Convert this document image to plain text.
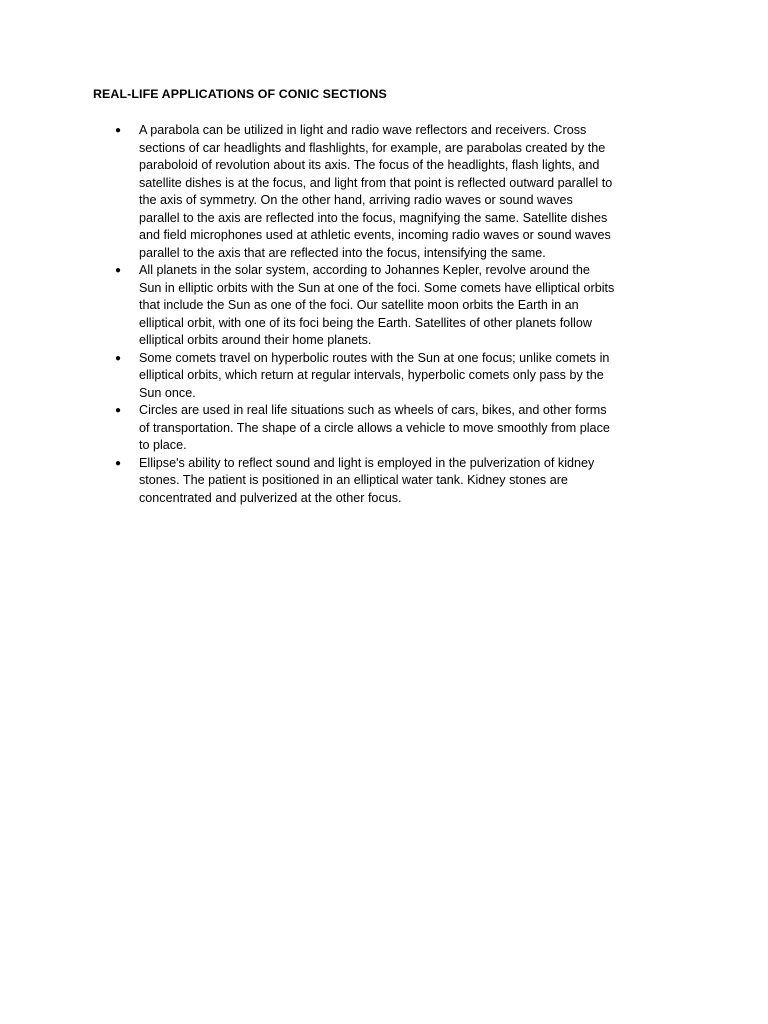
REAL-LIFE APPLICATIONS OF CONIC SECTIONS
● A parabola can be utilized in light and radio wave reflectors and receivers. Cross
sections of car headlights and flashlights, for example, are parabolas created by the
paraboloid of revolution about its axis. The focus of the headlights, flash lights, and
satellite dishes is at the focus, and light from that point is reflected outward parallel to
the axis of symmetry. On the other hand, arriving radio waves or sound waves
parallel to the axis are reflected into the focus, magnifying the same. Satellite dishes
and field microphones used at athletic events, incoming radio waves or sound waves
parallel to the axis that are reflected into the focus, intensifying the same.
● All planets in the solar system, according to Johannes Kepler, revolve around the
Sun in elliptic orbits with the Sun at one of the foci. Some comets have elliptical orbits
that include the Sun as one of the foci. Our satellite moon orbits the Earth in an
elliptical orbit, with one of its foci being the Earth. Satellites of other planets follow
elliptical orbits around their home planets.
● Some comets travel on hyperbolic routes with the Sun at one focus; unlike comets in
elliptical orbits, which return at regular intervals, hyperbolic comets only pass by the
Sun once.
● Circles are used in real life situations such as wheels of cars, bikes, and other forms
of transportation. The shape of a circle allows a vehicle to move smoothly from place
to place.
● Ellipse's ability to reflect sound and light is employed in the pulverization of kidney
stones. The patient is positioned in an elliptical water tank. Kidney stones are
concentrated and pulverized at the other focus.
